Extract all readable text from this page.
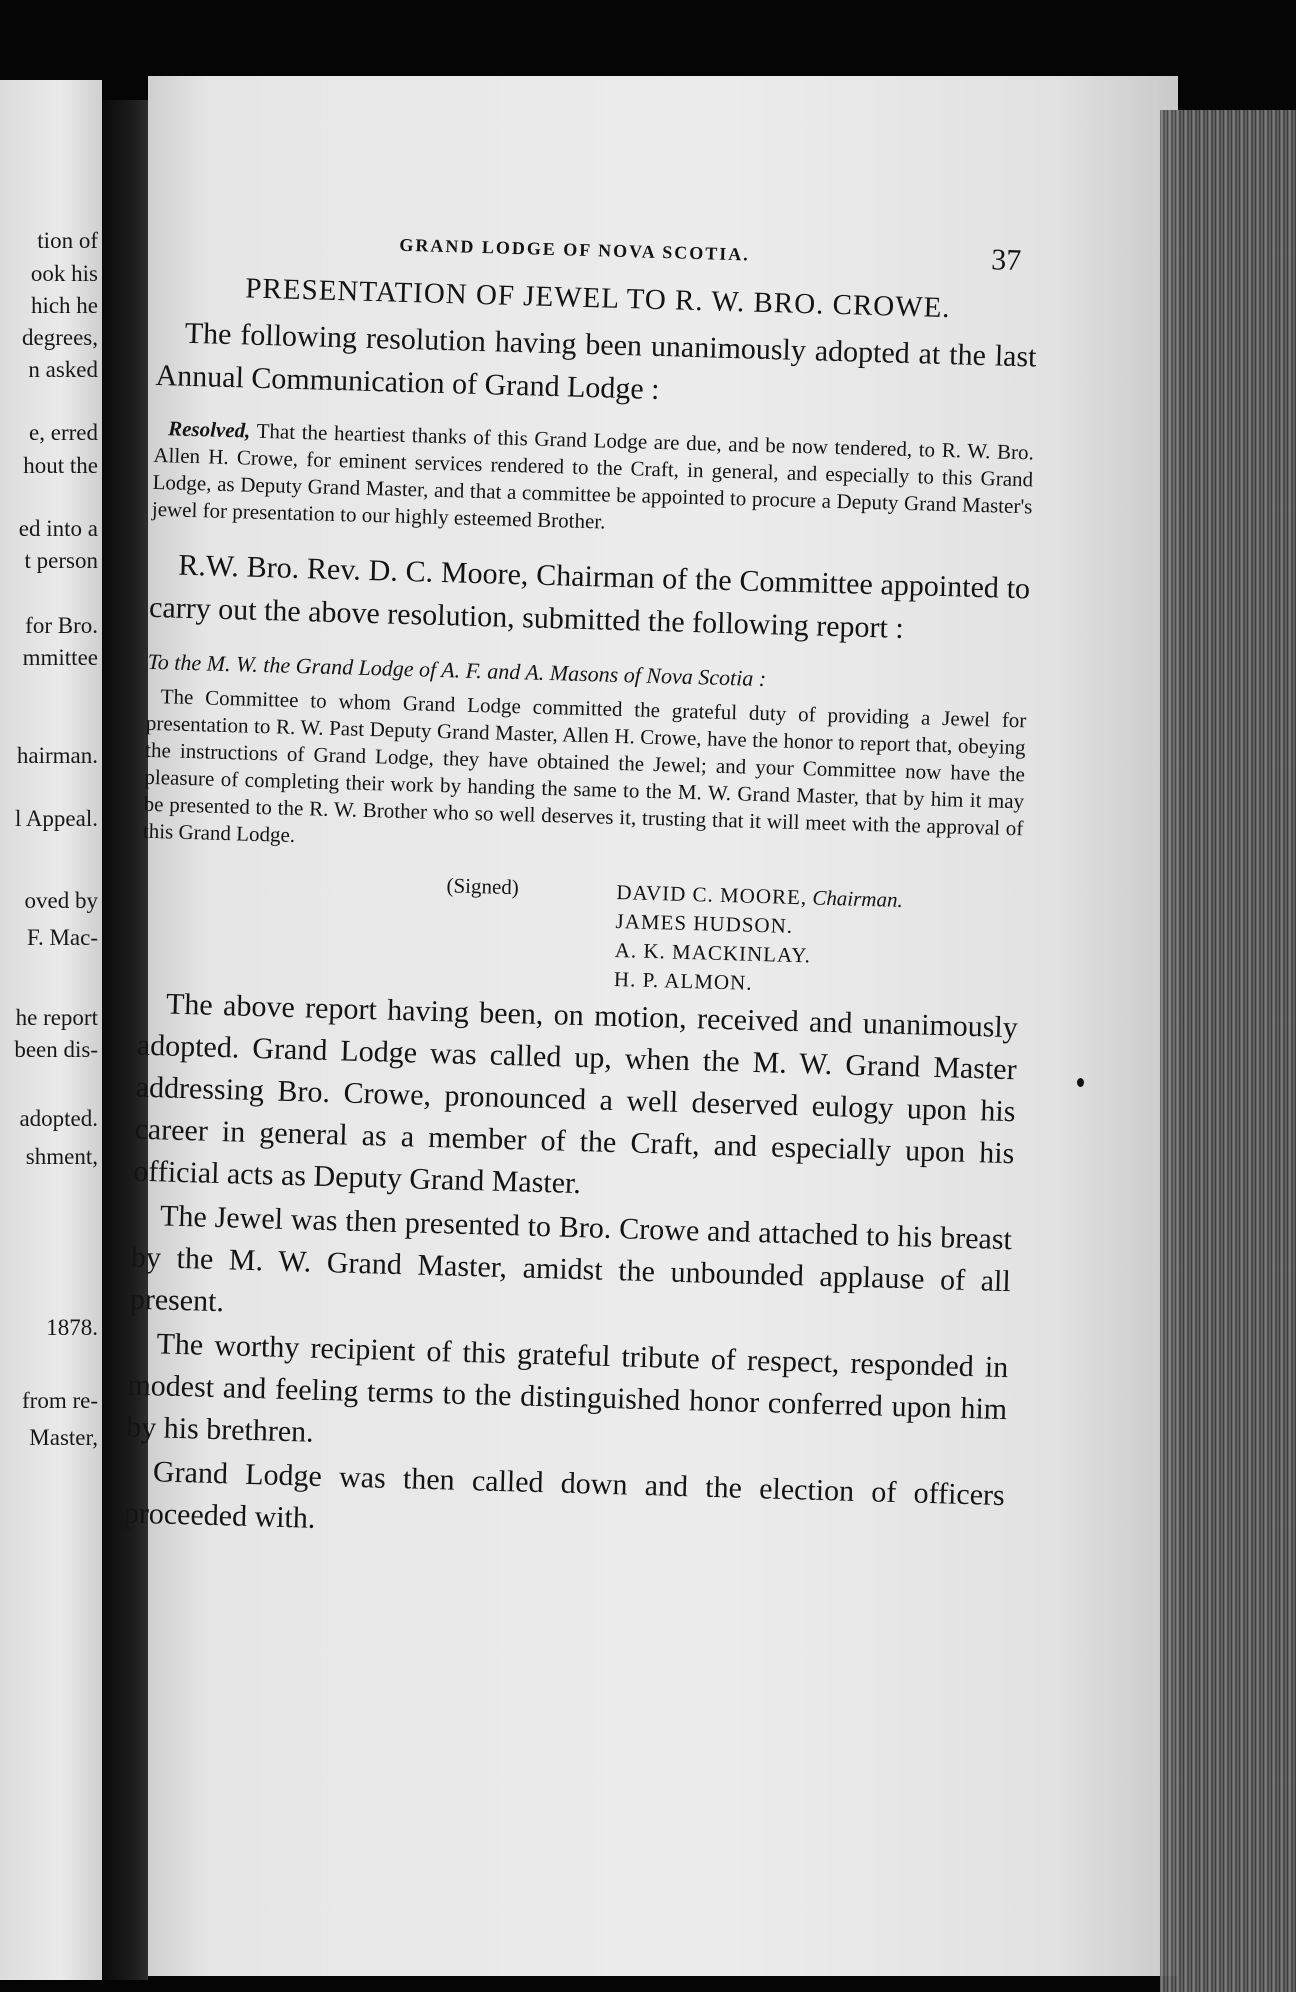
tion of
ook his
hich he
degrees,
n asked
e, erred
hout the
ed into a
t person
for Bro.
mmittee
hairman.
l Appeal.
oved by
F. Mac-
he report
been dis-
adopted.
shment,
1878.
from re-
Master,
GRAND LODGE OF NOVA SCOTIA.	37
PRESENTATION OF JEWEL TO R. W. BRO. CROWE.

The following resolution having been unanimously adopted at the last Annual Communication of Grand Lodge :

Resolved, That the heartiest thanks of this Grand Lodge are due, and be now tendered, to R. W. Bro. Allen H. Crowe, for eminent services rendered to the Craft, in general, and especially to this Grand Lodge, as Deputy Grand Master, and that a committee be appointed to procure a Deputy Grand Master's jewel for presentation to our highly esteemed Brother.

R.W. Bro. Rev. D. C. Moore, Chairman of the Committee appointed to carry out the above resolution, submitted the following report :

To the M. W. the Grand Lodge of A. F. and A. Masons of Nova Scotia :

The Committee to whom Grand Lodge committed the grateful duty of providing a Jewel for presentation to R. W. Past Deputy Grand Master, Allen H. Crowe, have the honor to report that, obeying the instructions of Grand Lodge, they have obtained the Jewel; and your Committee now have the pleasure of completing their work by handing the same to the M. W. Grand Master, that by him it may be presented to the R. W. Brother who so well deserves it, trusting that it will meet with the approval of this Grand Lodge.

(Signed)	DAVID C. MOORE, Chairman.
JAMES HUDSON.
A. K. MACKINLAY.
H. P. ALMON.

The above report having been, on motion, received and unanimously adopted. Grand Lodge was called up, when the M. W. Grand Master addressing Bro. Crowe, pronounced a well deserved eulogy upon his career in general as a member of the Craft, and especially upon his official acts as Deputy Grand Master.

The Jewel was then presented to Bro. Crowe and attached to his breast by the M. W. Grand Master, amidst the unbounded applause of all present.

The worthy recipient of this grateful tribute of respect, responded in modest and feeling terms to the distinguished honor conferred upon him by his brethren.

Grand Lodge was then called down and the election of officers proceeded with.
